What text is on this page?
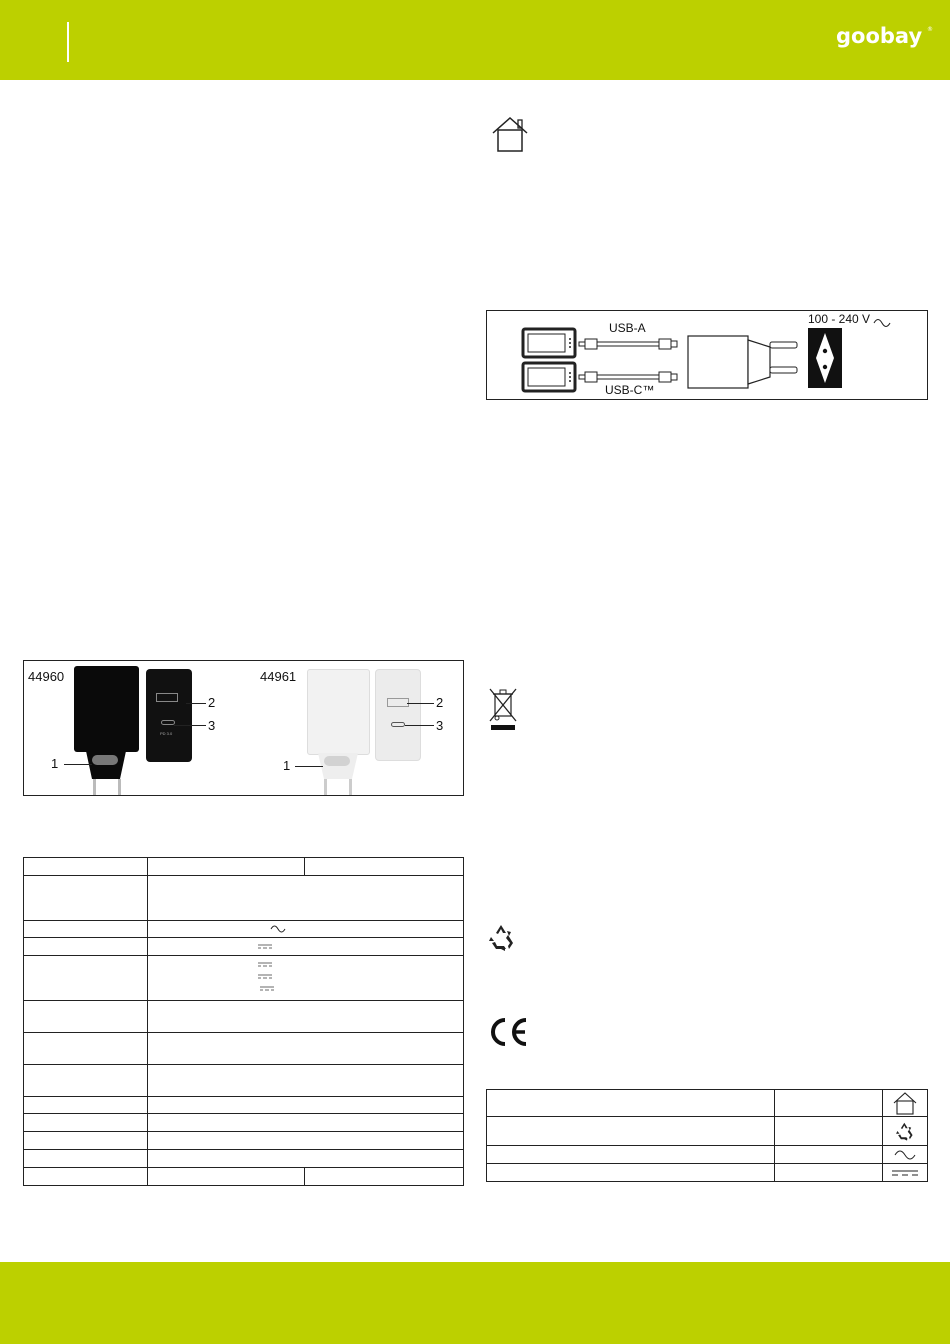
goobay ®
USB-A
USB-C™
100 - 240 V
44960	44961
PD 3.0
2
3
1
2
3
1
